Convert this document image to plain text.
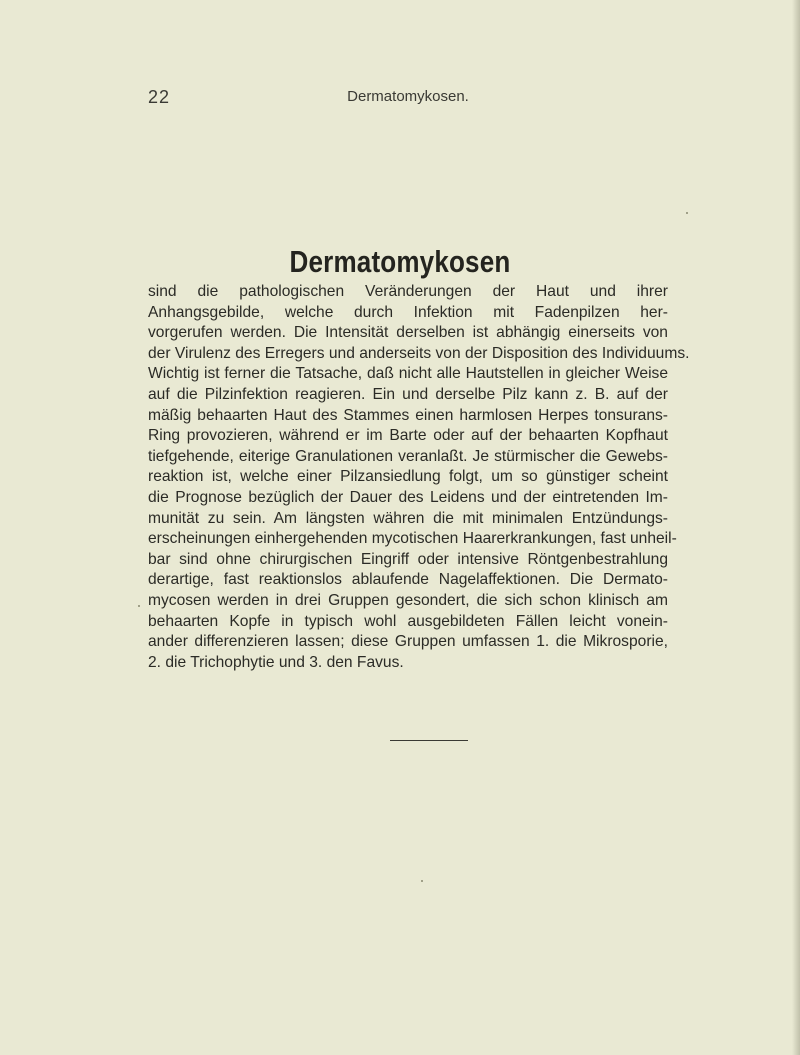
22	Dermatomykosen.
Dermatomykosen
sind die pathologischen Veränderungen der Haut und ihrer
Anhangsgebilde, welche durch Infektion mit Fadenpilzen her-
vorgerufen werden. Die Intensität derselben ist abhängig einerseits von
der Virulenz des Erregers und anderseits von der Disposition des Individuums.
Wichtig ist ferner die Tatsache, daß nicht alle Hautstellen in gleicher Weise
auf die Pilzinfektion reagieren. Ein und derselbe Pilz kann z. B. auf der
mäßig behaarten Haut des Stammes einen harmlosen Herpes tonsurans-
Ring provozieren, während er im Barte oder auf der behaarten Kopfhaut
tiefgehende, eiterige Granulationen veranlaßt. Je stürmischer die Gewebs-
reaktion ist, welche einer Pilzansiedlung folgt, um so günstiger scheint
die Prognose bezüglich der Dauer des Leidens und der eintretenden Im-
munität zu sein. Am längsten währen die mit minimalen Entzündungs-
erscheinungen einhergehenden mycotischen Haarerkrankungen, fast unheil-
bar sind ohne chirurgischen Eingriff oder intensive Röntgenbestrahlung
derartige, fast reaktionslos ablaufende Nagelaffektionen. Die Dermato-
mycosen werden in drei Gruppen gesondert, die sich schon klinisch am
behaarten Kopfe in typisch wohl ausgebildeten Fällen leicht vonein-
ander differenzieren lassen; diese Gruppen umfassen 1. die Mikrosporie,
2. die Trichophytie und 3. den Favus.
